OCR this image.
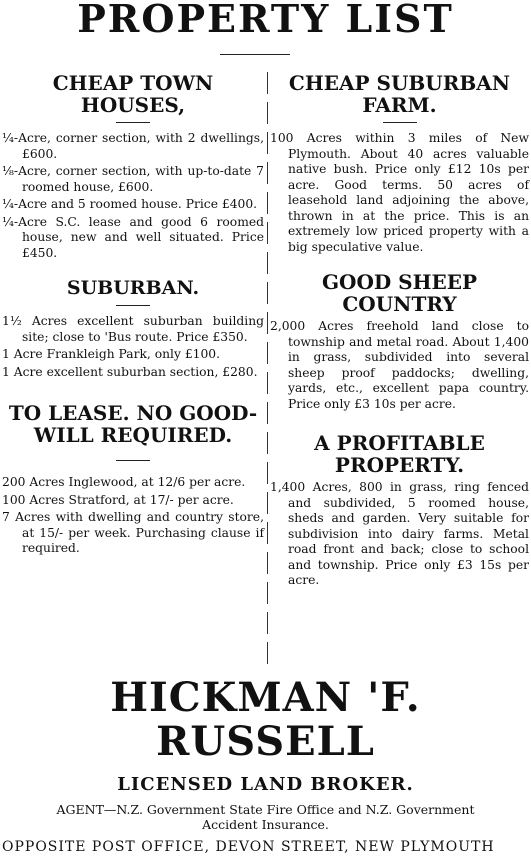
PROPERTY LIST
CHEAP TOWN HOUSES,
¼-Acre, corner section, with 2 dwellings, £600.
⅛-Acre, corner section, with up-to-date 7 roomed house, £600.
¼-Acre and 5 roomed house. Price £400.
¼-Acre S.C. lease and good 6 roomed house, new and well situated. Price £450.
SUBURBAN.
1½ Acres excellent suburban building site; close to 'Bus route. Price £350.
1 Acre Frankleigh Park, only £100.
1 Acre excellent suburban section, £280.
TO LEASE. NO GOOD-WILL REQUIRED.
200 Acres Inglewood, at 12/6 per acre.
100 Acres Stratford, at 17/- per acre.
7 Acres with dwelling and country store, at 15/- per week. Purchasing clause if required.
CHEAP SUBURBAN FARM.
100 Acres within 3 miles of New Plymouth. About 40 acres valuable native bush. Price only £12 10s per acre. Good terms. 50 acres of leasehold land adjoining the above, thrown in at the price. This is an extremely low priced property with a big speculative value.
GOOD SHEEP COUNTRY
2,000 Acres freehold land close to township and metal road. About 1,400 in grass, subdivided into several sheep proof paddocks; dwelling, yards, etc., excellent papa country. Price only £3 10s per acre.
A PROFITABLE PROPERTY.
1,400 Acres, 800 in grass, ring fenced and subdivided, 5 roomed house, sheds and garden. Very suitable for subdivision into dairy farms. Metal road front and back; close to school and township. Price only £3 15s per acre.
HICKMAN 'F. RUSSELL
LICENSED LAND BROKER.
AGENT—N.Z. Government State Fire Office and N.Z. Government
Accident Insurance.
OPPOSITE POST OFFICE, DEVON STREET, NEW PLYMOUTH
